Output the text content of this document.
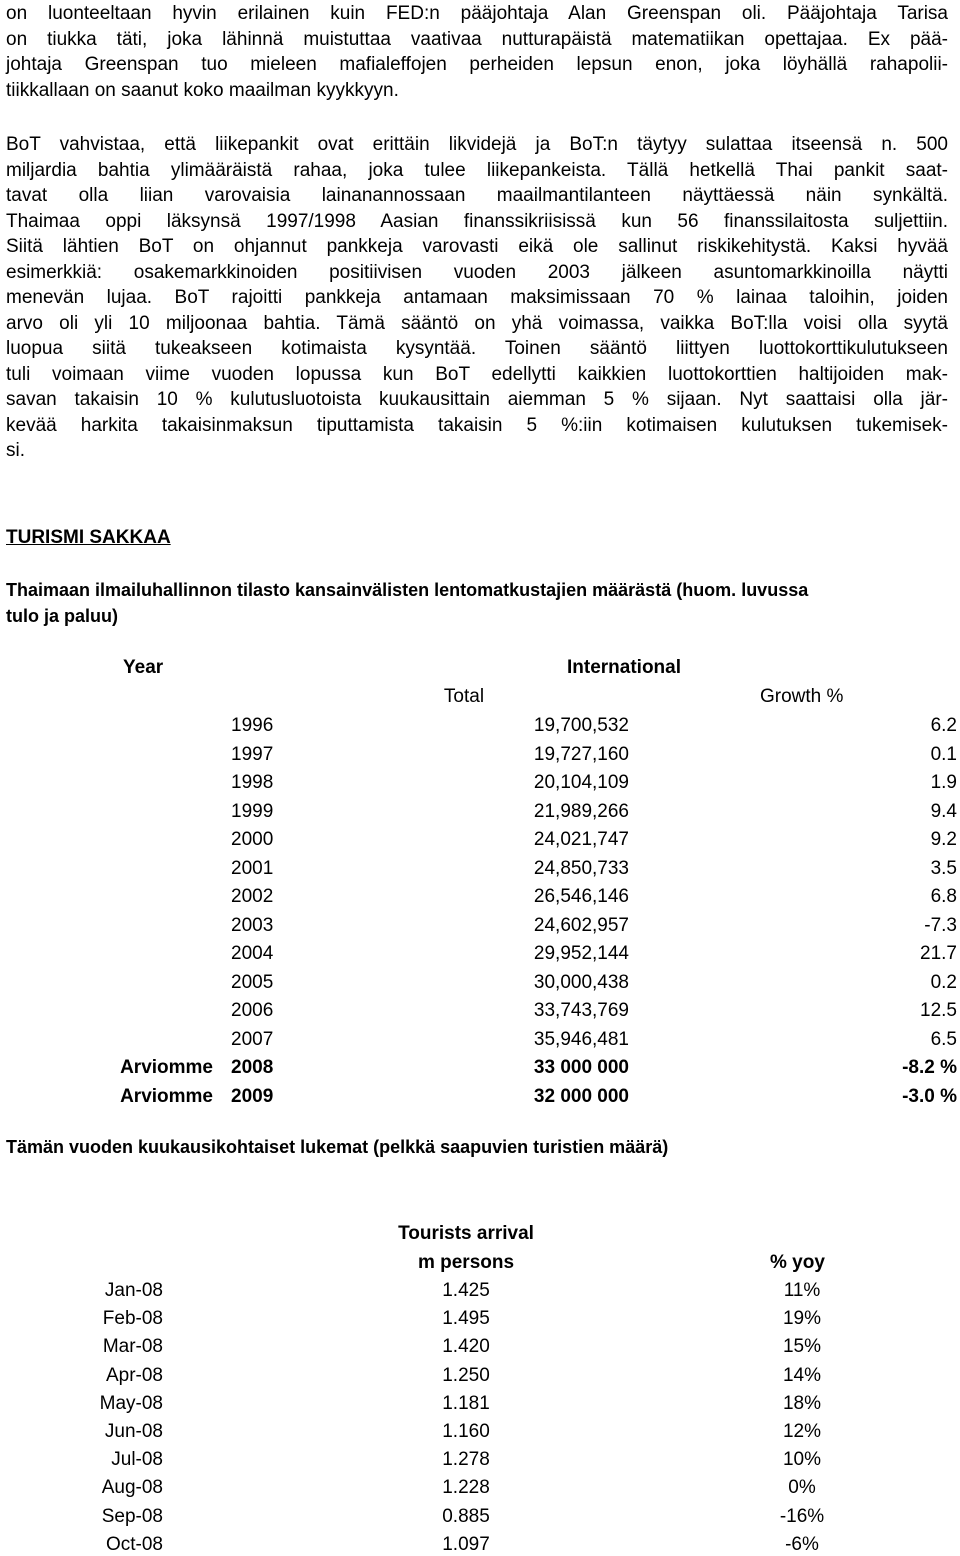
on luonteeltaan hyvin erilainen kuin FED:n pääjohtaja Alan Greenspan oli. Pääjohtaja Tarisa
on tiukka täti, joka lähinnä muistuttaa vaativaa nutturapäistä matematiikan opettajaa. Ex pää-
johtaja Greenspan tuo mieleen mafialeffojen perheiden lepsun enon, joka löyhällä rahapolii-
tiikkallaan on saanut koko maailman kyykkyyn.
BoT vahvistaa, että liikepankit ovat erittäin likvidejä ja BoT:n täytyy sulattaa itseensä n. 500
miljardia bahtia ylimääräistä rahaa, joka tulee liikepankeista. Tällä hetkellä Thai pankit saat-
tavat olla liian varovaisia lainanannossaan maailmantilanteen näyttäessä näin synkältä.
Thaimaa oppi läksynsä 1997/1998 Aasian finanssikriisissä kun 56 finanssilaitosta suljettiin.
Siitä lähtien BoT on ohjannut pankkeja varovasti eikä ole sallinut riskikehitystä. Kaksi hyvää
esimerkkiä: osakemarkkinoiden positiivisen vuoden 2003 jälkeen asuntomarkkinoilla näytti
menevän lujaa. BoT rajoitti pankkeja antamaan maksimissaan 70 % lainaa taloihin, joiden
arvo oli yli 10 miljoonaa bahtia. Tämä sääntö on yhä voimassa, vaikka BoT:lla voisi olla syytä
luopua siitä tukeakseen kotimaista kysyntää. Toinen sääntö liittyen luottokorttikulutukseen
tuli voimaan viime vuoden lopussa kun BoT edellytti kaikkien luottokorttien haltijoiden mak-
savan takaisin 10 % kulutusluotoista kuukausittain aiemman 5 % sijaan. Nyt saattaisi olla jär-
kevää harkita takaisinmaksun tiputtamista takaisin 5 %:iin kotimaisen kulutuksen tukemisek-
si.
TURISMI SAKKAA
Thaimaan ilmailuhallinnon tilasto kansainvälisten lentomatkustajien määrästä (huom. luvussa
tulo ja paluu)
Year	International
Total	Growth %
1996	19,700,532	6.2
1997	19,727,160	0.1
1998	20,104,109	1.9
1999	21,989,266	9.4
2000	24,021,747	9.2
2001	24,850,733	3.5
2002	26,546,146	6.8
2003	24,602,957	-7.3
2004	29,952,144	21.7
2005	30,000,438	0.2
2006	33,743,769	12.5
2007	35,946,481	6.5
Arviomme 2008	33 000 000	-8.2 %
Arviomme 2009	32 000 000	-3.0 %
Tämän vuoden kuukausikohtaiset lukemat (pelkkä saapuvien turistien määrä)
Tourists arrival
m persons	% yoy
Jan-08	1.425	11%
Feb-08	1.495	19%
Mar-08	1.420	15%
Apr-08	1.250	14%
May-08	1.181	18%
Jun-08	1.160	12%
Jul-08	1.278	10%
Aug-08	1.228	0%
Sep-08	0.885	-16%
Oct-08	1.097	-6%
